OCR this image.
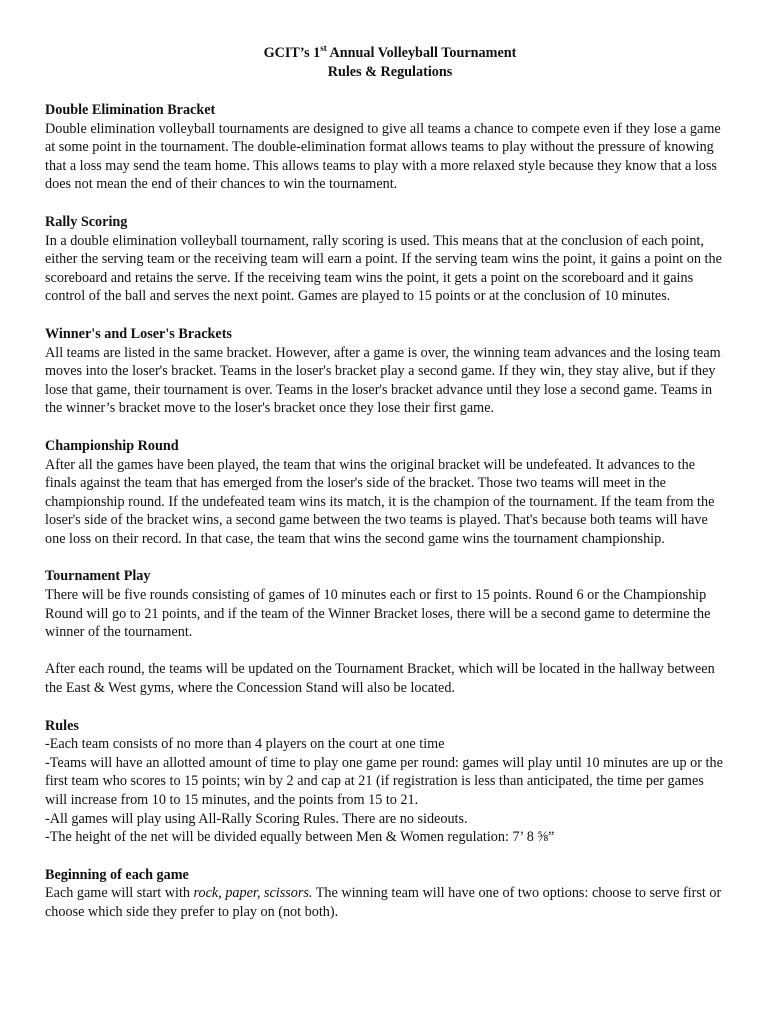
GCIT’s 1st Annual Volleyball Tournament
Rules & Regulations
Double Elimination Bracket

Double elimination volleyball tournaments are designed to give all teams a chance to compete even if they lose a game at some point in the tournament. The double-elimination format allows teams to play without the pressure of knowing that a loss may send the team home. This allows teams to play with a more relaxed style because they know that a loss does not mean the end of their chances to win the tournament.

Rally Scoring

In a double elimination volleyball tournament, rally scoring is used. This means that at the conclusion of each point, either the serving team or the receiving team will earn a point. If the serving team wins the point, it gains a point on the scoreboard and retains the serve. If the receiving team wins the point, it gets a point on the scoreboard and it gains control of the ball and serves the next point. Games are played to 15 points or at the conclusion of 10 minutes.

Winner's and Loser's Brackets

All teams are listed in the same bracket. However, after a game is over, the winning team advances and the losing team moves into the loser's bracket. Teams in the loser's bracket play a second game. If they win, they stay alive, but if they lose that game, their tournament is over. Teams in the loser's bracket advance until they lose a second game. Teams in the winner’s bracket move to the loser's bracket once they lose their first game.

Championship Round

After all the games have been played, the team that wins the original bracket will be undefeated. It advances to the finals against the team that has emerged from the loser's side of the bracket. Those two teams will meet in the championship round. If the undefeated team wins its match, it is the champion of the tournament. If the team from the loser's side of the bracket wins, a second game between the two teams is played. That's because both teams will have one loss on their record. In that case, the team that wins the second game wins the tournament championship.

Tournament Play

There will be five rounds consisting of games of 10 minutes each or first to 15 points. Round 6 or the Championship Round will go to 21 points, and if the team of the Winner Bracket loses, there will be a second game to determine the winner of the tournament.

After each round, the teams will be updated on the Tournament Bracket, which will be located in the hallway between the East & West gyms, where the Concession Stand will also be located.

Rules
-Each team consists of no more than 4 players on the court at one time
-Teams will have an allotted amount of time to play one game per round: games will play until 10 minutes are up or the first team who scores to 15 points; win by 2 and cap at 21 (if registration is less than anticipated, the time per games will increase from 10 to 15 minutes, and the points from 15 to 21.
-All games will play using All-Rally Scoring Rules. There are no sideouts.
-The height of the net will be divided equally between Men & Women regulation: 7’ 8 ⅝”
Beginning of each game

Each game will start with rock, paper, scissors. The winning team will have one of two options: choose to serve first or choose which side they prefer to play on (not both).
